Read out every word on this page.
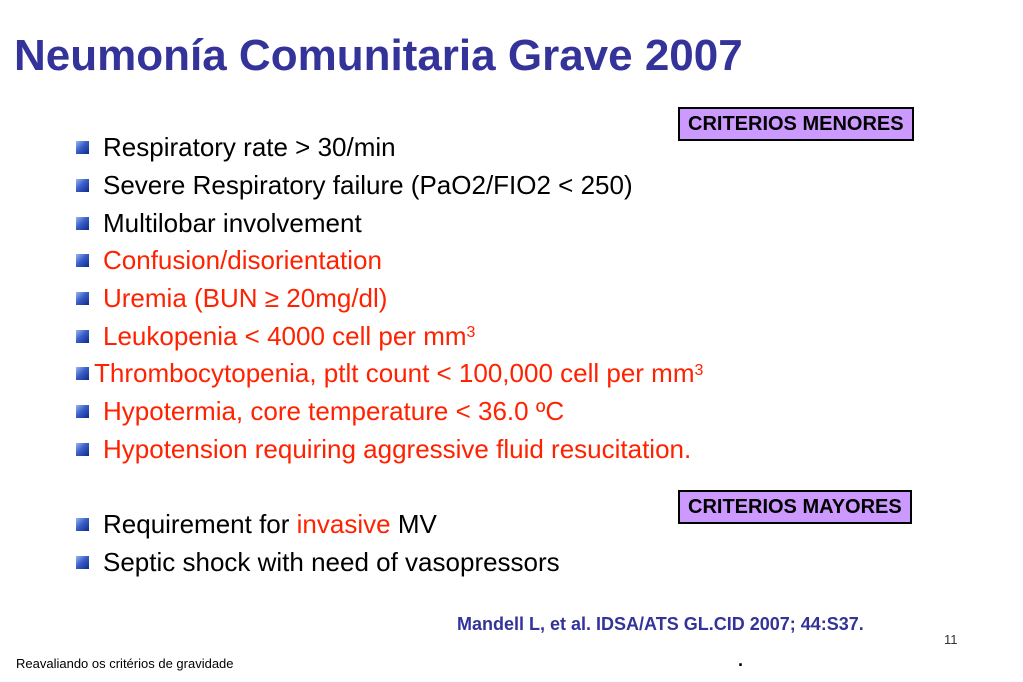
Neumonía Comunitaria Grave 2007
CRITERIOS MENORES
CRITERIOS MAYORES
Respiratory rate > 30/min
Severe Respiratory failure (PaO2/FIO2 < 250)
Multilobar involvement
Confusion/disorientation
Uremia (BUN ≥ 20mg/dl)
Leukopenia < 4000 cell per $mm^3$
Thrombocytopenia, ptlt count < 100,000 cell per $mm^3$
Hypotermia, core temperature < 36.0 ºC
Hypotension requiring aggressive fluid resucitation.
Requirement for invasive MV
Septic shock with need of vasopressors
Mandell L, et al. IDSA/ATS GL.CID 2007; 44:S37.
11
Reavaliando os critérios de gravidade	.
